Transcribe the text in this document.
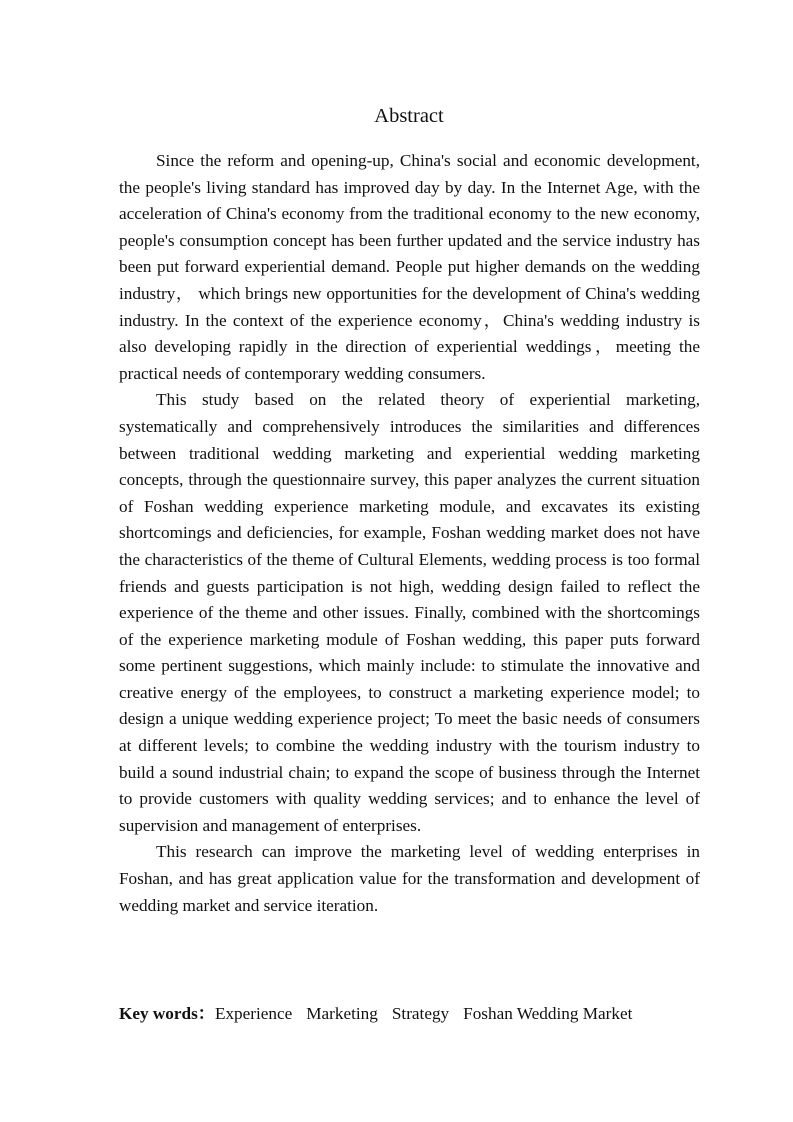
Abstract

Since the reform and opening-up, China's social and economic development, the people's living standard has improved day by day. In the Internet Age, with the acceleration of China's economy from the traditional economy to the new economy, people's consumption concept has been further updated and the service industry has been put forward experiential demand. People put higher demands on the wedding industry， which brings new opportunities for the development of China's wedding industry. In the context of the experience economy，China's wedding industry is also developing rapidly in the direction of experiential weddings，meeting the practical needs of contemporary wedding consumers.

This study based on the related theory of experiential marketing, systematically and comprehensively introduces the similarities and differences between traditional wedding marketing and experiential wedding marketing concepts, through the questionnaire survey, this paper analyzes the current situation of Foshan wedding experience marketing module, and excavates its existing shortcomings and deficiencies, for example, Foshan wedding market does not have the characteristics of the theme of Cultural Elements, wedding process is too formal friends and guests participation is not high, wedding design failed to reflect the experience of the theme and other issues. Finally, combined with the shortcomings of the experience marketing module of Foshan wedding, this paper puts forward some pertinent suggestions, which mainly include: to stimulate the innovative and creative energy of the employees, to construct a marketing experience model; to design a unique wedding experience project; To meet the basic needs of consumers at different levels; to combine the wedding industry with the tourism industry to build a sound industrial chain; to expand the scope of business through the Internet to provide customers with quality wedding services; and to enhance the level of supervision and management of enterprises.

This research can improve the marketing level of wedding enterprises in Foshan, and has great application value for the transformation and development of wedding market and service iteration.

Key words：Experience Marketing Strategy Foshan Wedding Market
